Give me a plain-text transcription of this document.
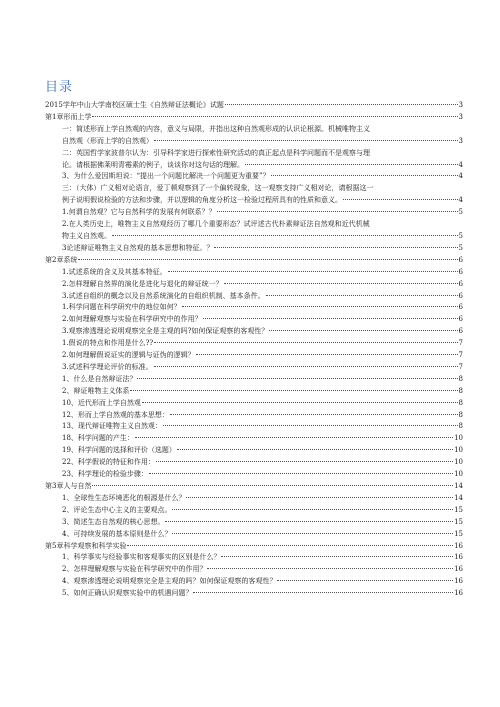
目录
2015学年中山大学南校区硕士生《自然辩证法概论》试题	3
第1章形而上学	3
一：简述形而上学自然观的内容，意义与局限，并指出这种自然观形成的认识论根源。机械唯物主义
自然观（形而上学的自然观）	3
二：英国哲学家波普尔认为：引导科学家进行探索性研究活动的真正起点是科学问题而不是观察与理
论。请根据佛莱明青霉素的例子，谈谈你对这句话的理解。	4
3、为什么爱因斯坦说：“提出一个问题比解决一个问题更为重要”？	4
三：（大体）广义相对论语言，爱丁顿观察到了一个偏转现象，这一观察支持广义相对论，请根据这一
例子说明假说检验的方法和步骤，并以逻辑的角度分析这一检验过程所具有的性质和意义。	4
1.何谓自然观？它与自然科学的发展有何联系？？	5
2.在人类历史上，唯物主义自然观经历了哪几个重要形态？试评述古代朴素辩证法自然观和近代机械
物主义自然观。	5
3论述辩证唯物主义自然观的基本思想和特征。？	5
第2章系统	6
1.试述系统的含义及其基本特征。	6
2.怎样理解自然界的演化是进化与退化的辩证统一？	6
3.试述自组织的概念以及自然系统演化的自组织机制、基本条件。	6
1.科学问题在科学研究中的地位如何？	6
2.如何理解观察与实验在科学研究中的作用？	6
3.观察渗透理论说明观察完全是主观的吗?如何保证观察的客观性？	6
1.假说的特点和作用是什么??	7
2.如何理解假说证实的逻辑与证伪的逻辑？	7
3.试述科学理论评价的标准。	7
1、什么是自然辩证法？	8
2、辩证唯物主义体系	8
10、近代形而上学自然观	8
12、形而上学自然观的基本思想：	8
13、现代辩证唯物主义自然观：	8
18、科学问题的产生：	10
19、科学问题的选择和评价（选题）	10
22、科学假说的特征和作用：	10
23、科学理论的检验步骤：	10
第3章人与自然	14
1、全球性生态环境恶化的根源是什么？	14
2、评论生态中心主义的主要观点。	15
3、简述生态自然观的核心思想。	15
4、可持续发展的基本原则是什么？	15
第5章科学观察和科学实验	16
1、科学事实与经验事实和客观事实的区别是什么？	16
2、怎样理解观察与实验在科学研究中的作用？	16
4、观察渗透理论说明观察完全是主观的吗？如何保证观察的客观性？	16
5、如何正确认识观察实验中的机遇问题？	16
